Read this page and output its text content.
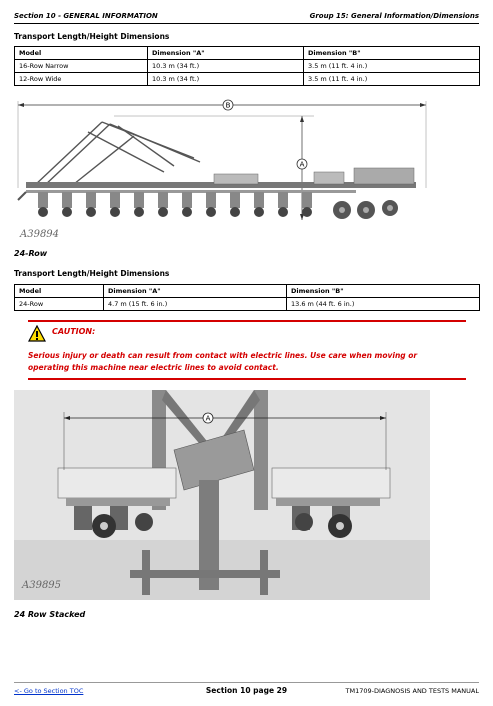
Section 10 - GENERAL INFORMATION	Group 15: General Information/Dimensions
Transport Length/Height Dimensions
Model	Dimension "A"	Dimension "B"
16-Row Narrow	10.3 m (34 ft.)	3.5 m (11 ft. 4 in.)
12-Row Wide	10.3 m (34 ft.)	3.5 m (11 ft. 4 in.)
B
A
A39894
24-Row
Transport Length/Height Dimensions
Model	Dimension "A"	Dimension "B"
24-Row	4.7 m (15 ft. 6 in.)	13.6 m (44 ft. 6 in.)
CAUTION:
Serious injury or death can result from contact with electric lines. Use care when moving or operating this machine near electric lines to avoid contact.
A
A39895
24 Row Stacked
<- Go to Section TOC	Section 10 page 29	TM1709-DIAGNOSIS AND TESTS MANUAL
